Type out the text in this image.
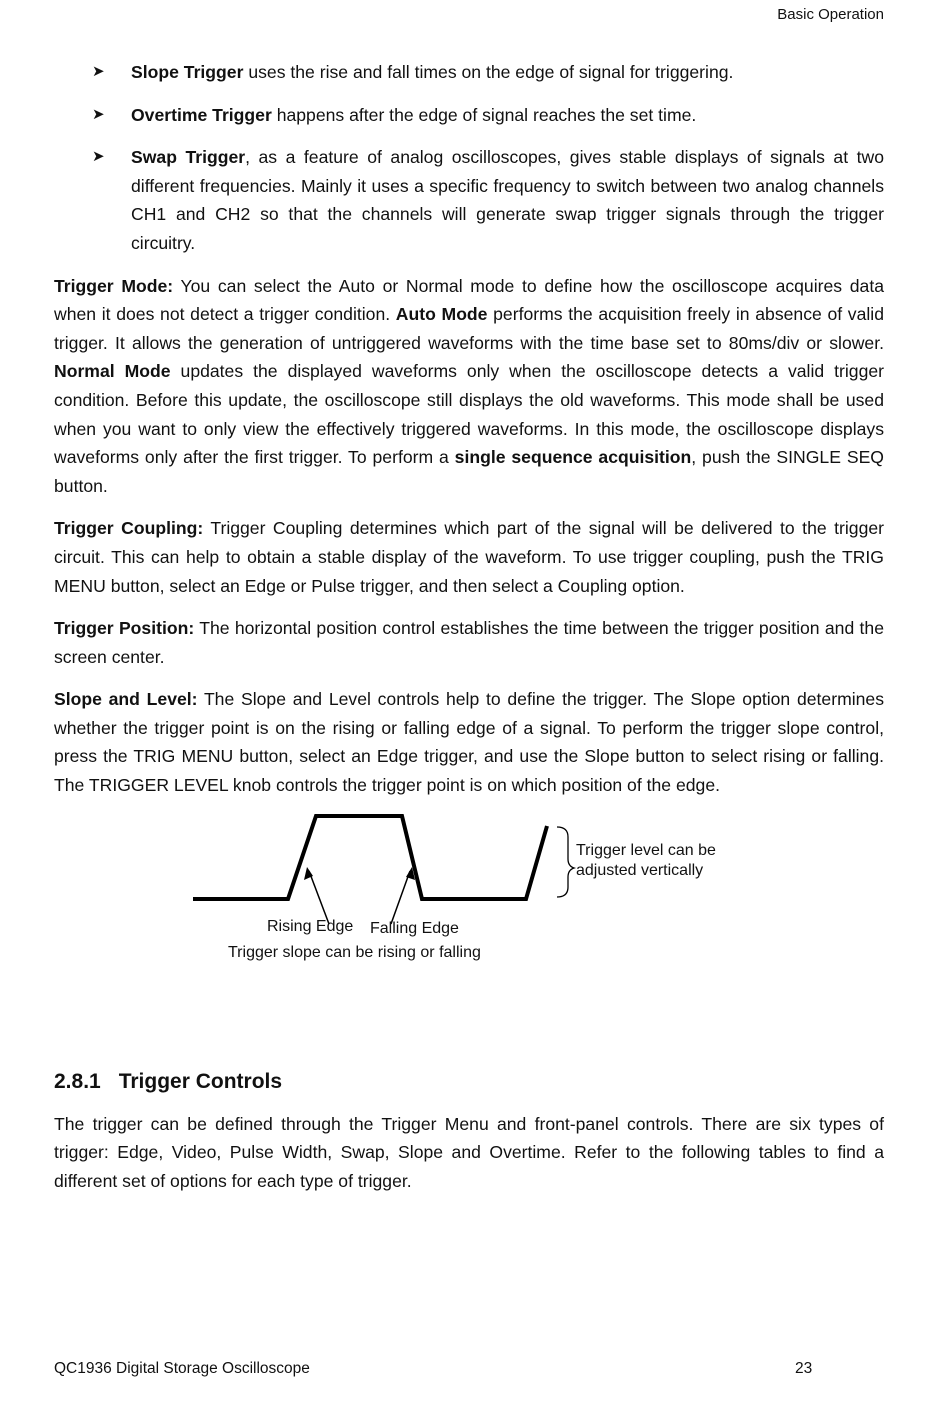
Basic Operation
➤ Slope Trigger uses the rise and fall times on the edge of signal for triggering.

➤ Overtime Trigger happens after the edge of signal reaches the set time.

➤ Swap Trigger, as a feature of analog oscilloscopes, gives stable displays of signals at two different frequencies. Mainly it uses a specific frequency to switch between two analog channels CH1 and CH2 so that the channels will generate swap trigger signals through the trigger circuitry.

Trigger Mode: You can select the Auto or Normal mode to define how the oscilloscope acquires data when it does not detect a trigger condition. Auto Mode performs the acquisition freely in absence of valid trigger. It allows the generation of untriggered waveforms with the time base set to 80ms/div or slower. Normal Mode updates the displayed waveforms only when the oscilloscope detects a valid trigger condition. Before this update, the oscilloscope still displays the old waveforms. This mode shall be used when you want to only view the effectively triggered waveforms. In this mode, the oscilloscope displays waveforms only after the first trigger. To perform a single sequence acquisition, push the SINGLE SEQ button.

Trigger Coupling: Trigger Coupling determines which part of the signal will be delivered to the trigger circuit. This can help to obtain a stable display of the waveform. To use trigger coupling, push the TRIG MENU button, select an Edge or Pulse trigger, and then select a Coupling option.

Trigger Position: The horizontal position control establishes the time between the trigger position and the screen center.

Slope and Level: The Slope and Level controls help to define the trigger. The Slope option determines whether the trigger point is on the rising or falling edge of a signal. To perform the trigger slope control, press the TRIG MENU button, select an Edge trigger, and use the Slope button to select rising or falling. The TRIGGER LEVEL knob controls the trigger point is on which position of the edge.

Trigger level can be
adjusted vertically
Rising Edge Falling Edge
Trigger slope can be rising or falling
2.8.1 Trigger Controls

The trigger can be defined through the Trigger Menu and front-panel controls. There are six types of trigger: Edge, Video, Pulse Width, Swap, Slope and Overtime. Refer to the following tables to find a different set of options for each type of trigger.

QC1936 Digital Storage Oscilloscope	23
